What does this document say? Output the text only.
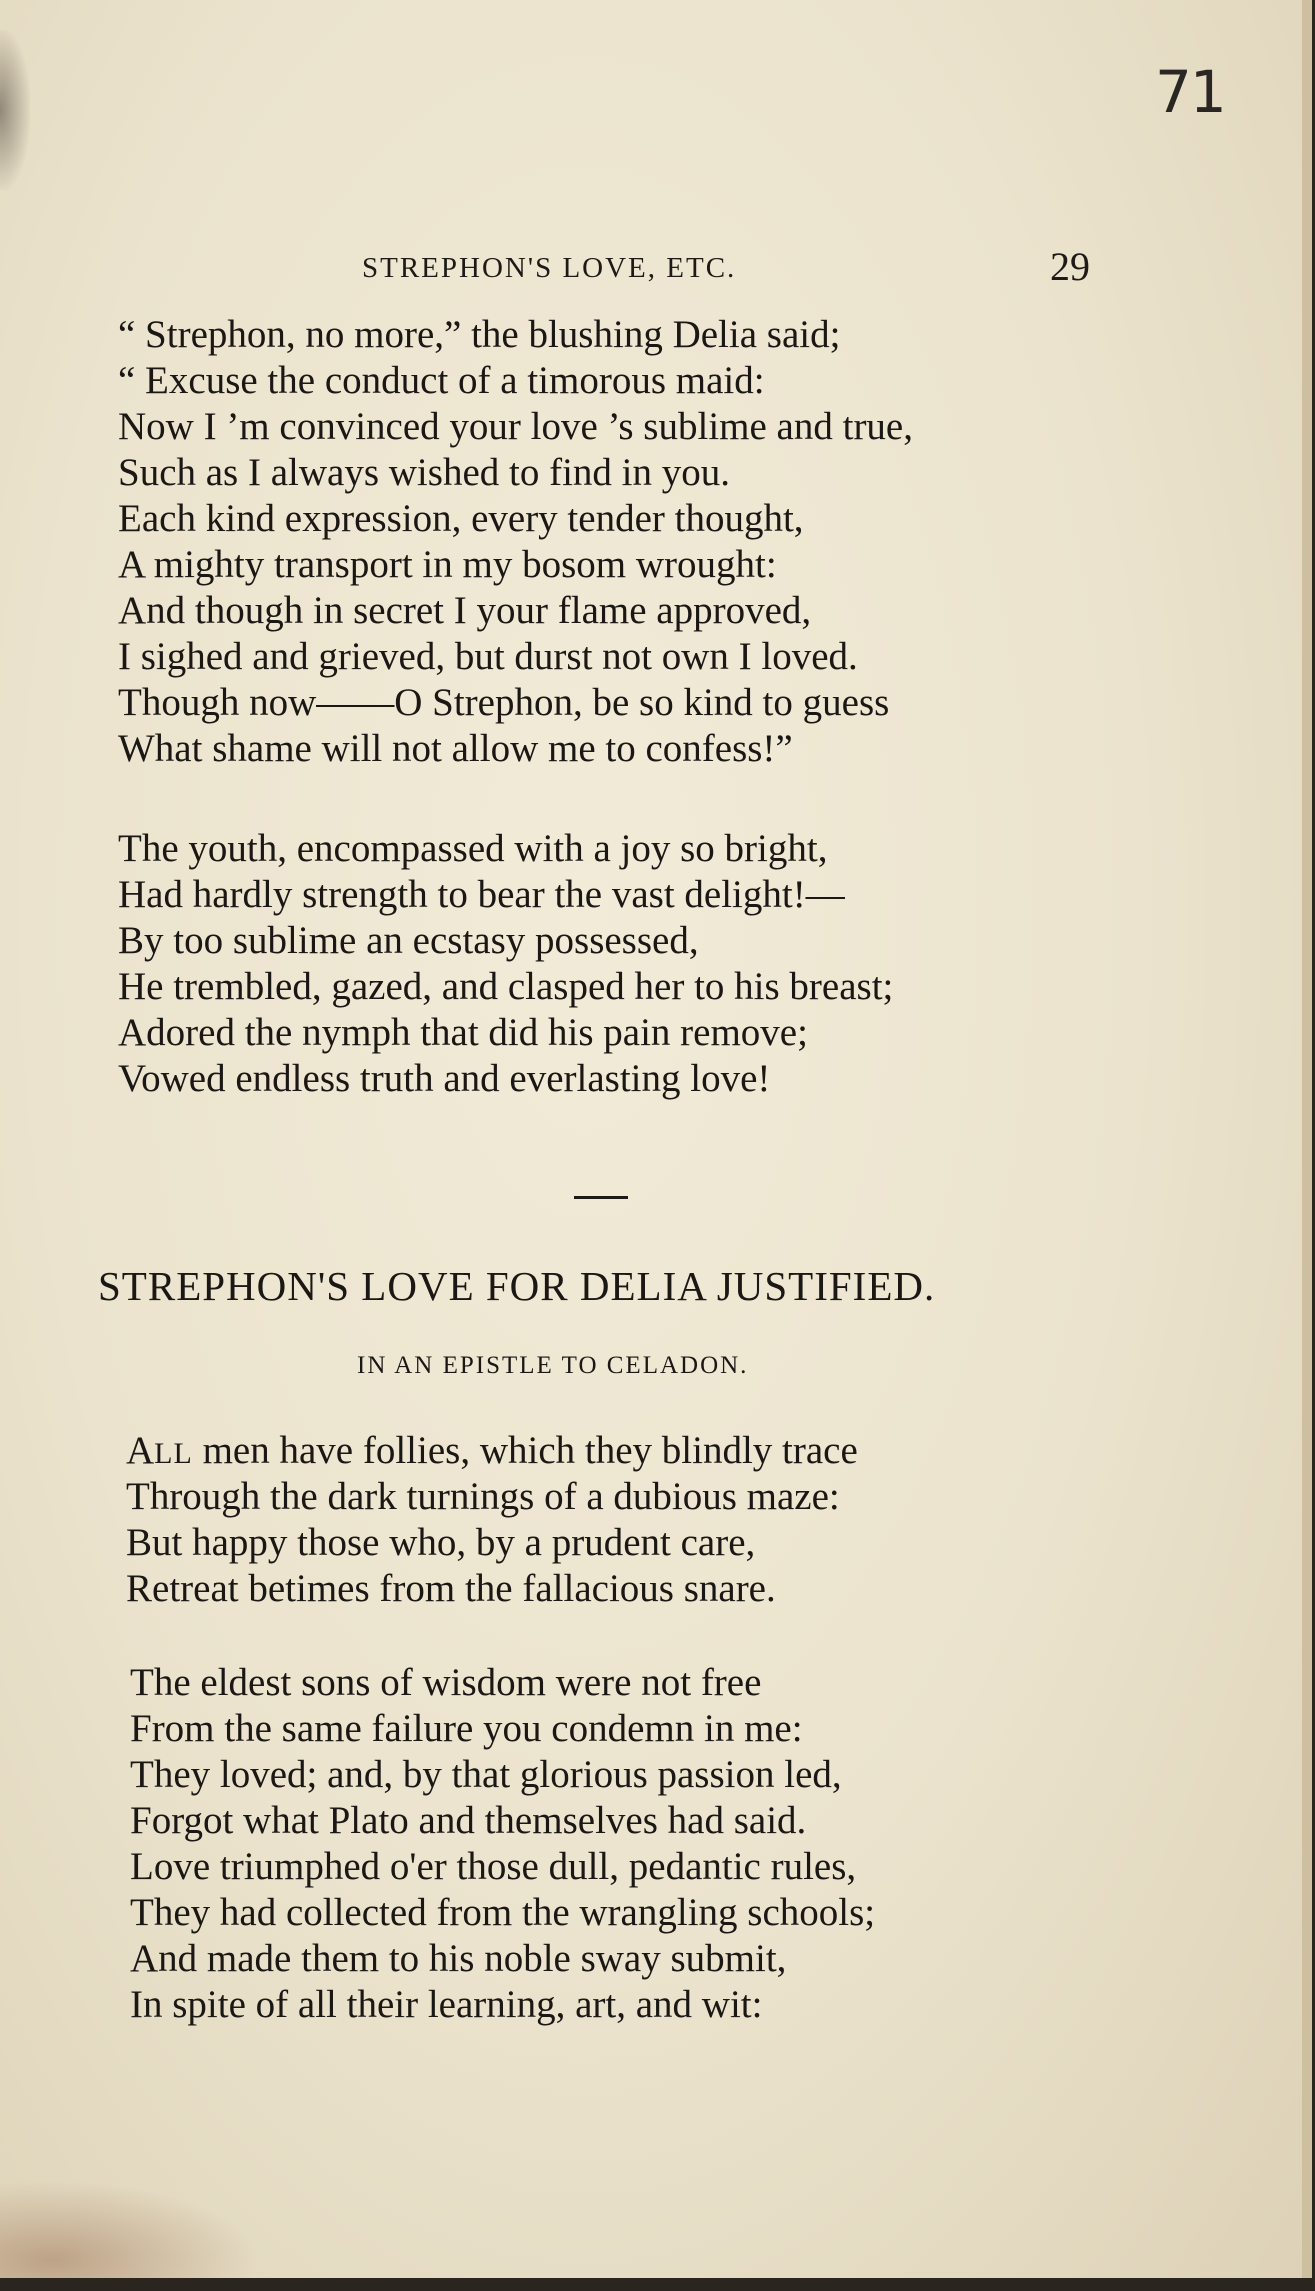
71
STREPHON'S LOVE, ETC.	29
“ Strephon, no more,” the blushing Delia said;
“ Excuse the conduct of a timorous maid:
Now I ’m convinced your love ’s sublime and true,
Such as I always wished to find in you.
Each kind expression, every tender thought,
A mighty transport in my bosom wrought:
And though in secret I your flame approved,
I sighed and grieved, but durst not own I loved.
Though now——O Strephon, be so kind to guess
What shame will not allow me to confess!”
The youth, encompassed with a joy so bright,
Had hardly strength to bear the vast delight!—
By too sublime an ecstasy possessed,
He trembled, gazed, and clasped her to his breast;
Adored the nymph that did his pain remove;
Vowed endless truth and everlasting love!
STREPHON'S LOVE FOR DELIA JUSTIFIED.
IN AN EPISTLE TO CELADON.
ALL men have follies, which they blindly trace
Through the dark turnings of a dubious maze:
But happy those who, by a prudent care,
Retreat betimes from the fallacious snare.
The eldest sons of wisdom were not free
From the same failure you condemn in me:
They loved; and, by that glorious passion led,
Forgot what Plato and themselves had said.
Love triumphed o'er those dull, pedantic rules,
They had collected from the wrangling schools;
And made them to his noble sway submit,
In spite of all their learning, art, and wit:
